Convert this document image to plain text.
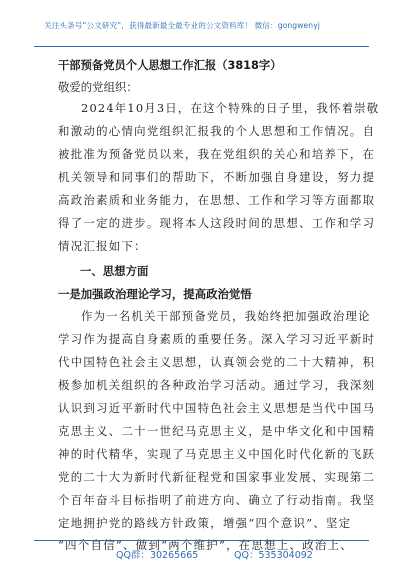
关注头条号“公文研究”，获得最新最全最专业的公文资料库！ 微信：gongwenyj
干部预备党员个人思想工作汇报（3818字）
敬爱的党组织：
2024年10月3日，在这个特殊的日子里，我怀着崇敬
和激动的心情向党组织汇报我的个人思想和工作情况。自
被批准为预备党员以来，我在党组织的关心和培养下，在
机关领导和同事们的帮助下，不断加强自身建设，努力提
高政治素质和业务能力，在思想、工作和学习等方面都取
得了一定的进步。现将本人这段时间的思想、工作和学习
情况汇报如下：
一、思想方面
一是加强政治理论学习，提高政治觉悟
作为一名机关干部预备党员，我始终把加强政治理论
学习作为提高自身素质的重要任务。深入学习习近平新时
代中国特色社会主义思想，认真领会党的二十大精神，积
极参加机关组织的各种政治学习活动。通过学习，我深刻
认识到习近平新时代中国特色社会主义思想是当代中国马
克思主义、二十一世纪马克思主义，是中华文化和中国精
神的时代精华，实现了马克思主义中国化时代化新的飞跃
党的二十大为新时代新征程党和国家事业发展、实现第二
个百年奋斗目标指明了前进方向、确立了行动指南。我坚
定地拥护党的路线方针政策，增强“四个意识”、坚定
“四个自信”、做到“两个维护”，在思想上、政治上、
QQ群：30265665	QQ：535304092
